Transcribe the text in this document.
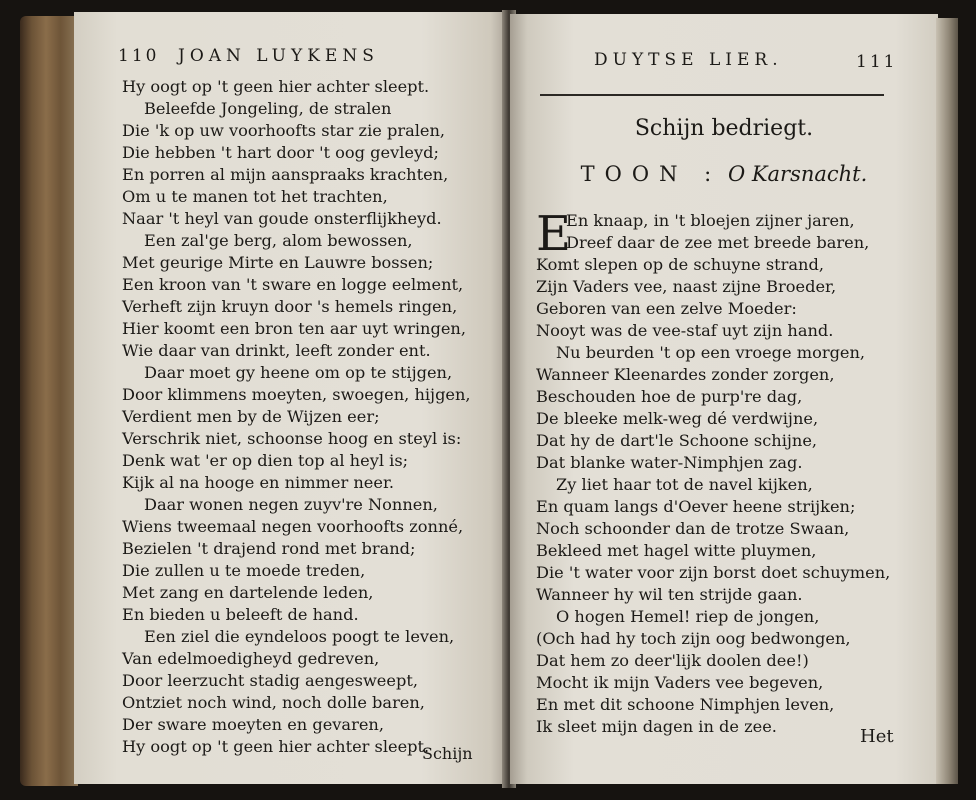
110 JOAN LUYKENS
Hy oogt op 't geen hier achter sleept.
Beleefde Jongeling, de stralen
Die 'k op uw voorhoofts star zie pralen,
Die hebben 't hart door 't oog gevleyd;
En porren al mijn aanspraaks krachten,
Om u te manen tot het trachten,
Naar 't heyl van goude onsterflijkheyd.
Een zal'ge berg, alom bewossen,
Met geurige Mirte en Lauwre bossen;
Een kroon van 't sware en logge eelment,
Verheft zijn kruyn door 's hemels ringen,
Hier koomt een bron ten aar uyt wringen,
Wie daar van drinkt, leeft zonder ent.
Daar moet gy heene om op te stijgen,
Door klimmens moeyten, swoegen, hijgen,
Verdient men by de Wijzen eer;
Verschrik niet, schoonse hoog en steyl is:
Denk wat 'er op dien top al heyl is;
Kijk al na hooge en nimmer neer.
Daar wonen negen zuyv're Nonnen,
Wiens tweemaal negen voorhoofts zonné,
Bezielen 't drajend rond met brand;
Die zullen u te moede treden,
Met zang en dartelende leden,
En bieden u beleeft de hand.
Een ziel die eyndeloos poogt te leven,
Van edelmoedigheyd gedreven,
Door leerzucht stadig aengesweept,
Ontziet noch wind, noch dolle baren,
Der sware moeyten en gevaren,
Hy oogt op 't geen hier achter sleept.
Schijn
DUYTSE LIER.	111
Schijn bedriegt.
TOON : O Karsnacht.
E
En knaap, in 't bloejen zijner jaren,
Dreef daar de zee met breede baren,
Komt slepen op de schuyne strand,
Zijn Vaders vee, naast zijne Broeder,
Geboren van een zelve Moeder:
Nooyt was de vee-staf uyt zijn hand.
Nu beurden 't op een vroege morgen,
Wanneer Kleenardes zonder zorgen,
Beschouden hoe de purp're dag,
De bleeke melk-weg dé verdwijne,
Dat hy de dart'le Schoone schijne,
Dat blanke water-Nimphjen zag.
Zy liet haar tot de navel kijken,
En quam langs d'Oever heene strijken;
Noch schoonder dan de trotze Swaan,
Bekleed met hagel witte pluymen,
Die 't water voor zijn borst doet schuymen,
Wanneer hy wil ten strijde gaan.
O hogen Hemel! riep de jongen,
(Och had hy toch zijn oog bedwongen,
Dat hem zo deer'lijk doolen dee!)
Mocht ik mijn Vaders vee begeven,
En met dit schoone Nimphjen leven,
Ik sleet mijn dagen in de zee.	Het
